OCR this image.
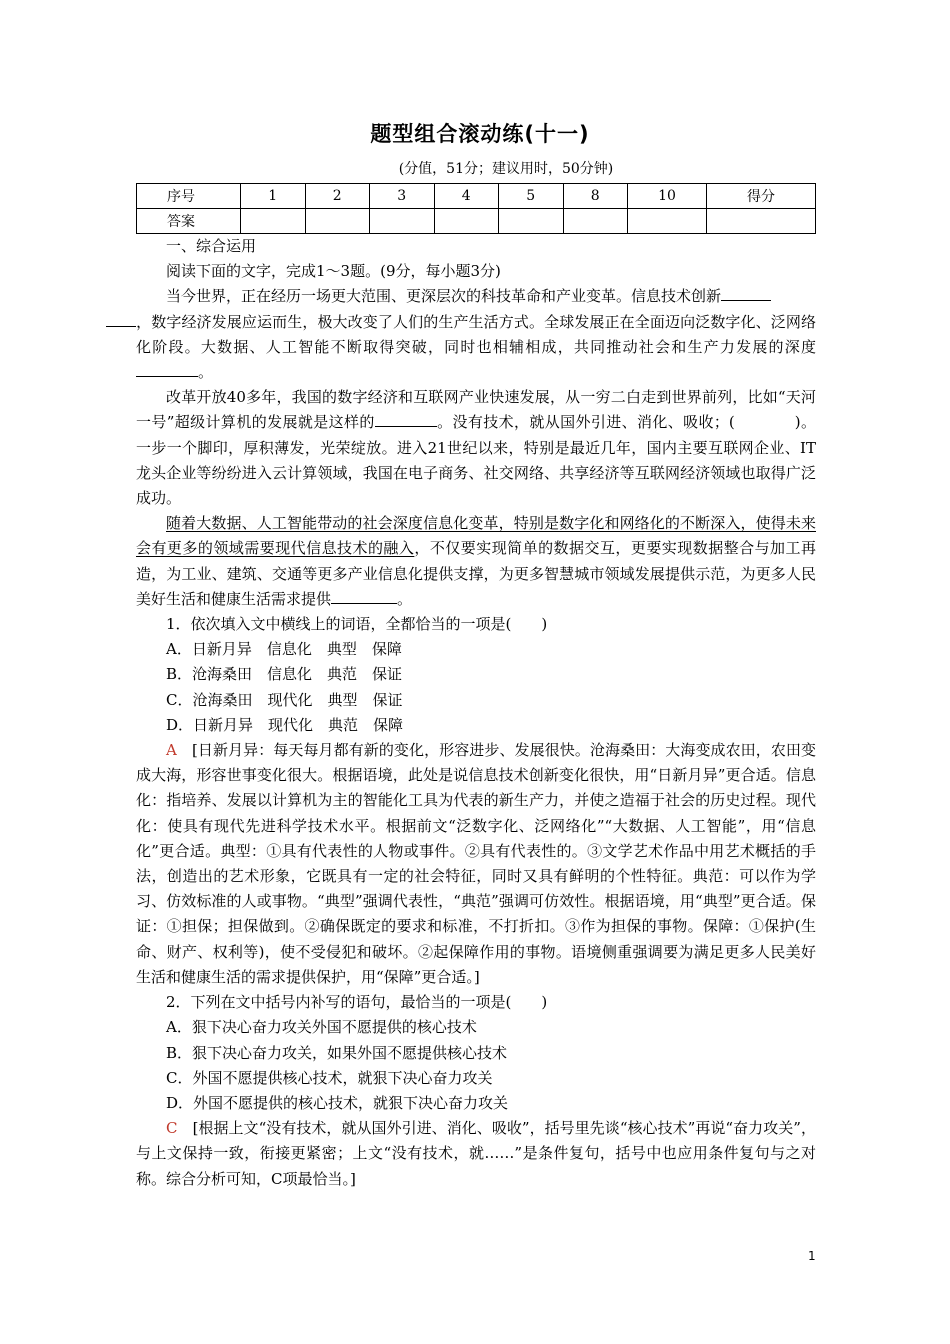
题型组合滚动练(十一)
(分值，51分；建议用时，50分钟)
序号	1	2	3	4	5	8	10	得分
答案								

一、综合运用

阅读下面的文字，完成1～3题。(9分，每小题3分)

当今世界，正在经历一场更大范围、更深层次的科技革命和产业变革。信息技术创新
，数字经济发展应运而生，极大改变了人们的生产生活方式。全球发展正在全面迈向泛数字化、泛网络化阶段。大数据、人工智能不断取得突破，同时也相辅相成，共同推动社会和生产力发展的深度。

改革开放40多年，我国的数字经济和互联网产业快速发展，从一穷二白走到世界前列，比如“天河一号”超级计算机的发展就是这样的	。没有技术，就从国外引进、消化、吸收；(	)。一步一个脚印，厚积薄发，光荣绽放。进入21世纪以来，特别是最近几年，国内主要互联网企业、IT龙头企业等纷纷进入云计算领域，我国在电子商务、社交网络、共享经济等互联网经济领域也取得广泛成功。

随着大数据、人工智能带动的社会深度信息化变革，特别是数字化和网络化的不断深入，使得未来会有更多的领域需要现代信息技术的融入，不仅要实现简单的数据交互，更要实现数据整合与加工再造，为工业、建筑、交通等更多产业信息化提供支撑，为更多智慧城市领域发展提供示范，为更多人民美好生活和健康生活需求提供	。

1．依次填入文中横线上的词语，全都恰当的一项是(　　)

A．日新月异　信息化　典型　保障

B．沧海桑田　信息化　典范　保证

C．沧海桑田　现代化　典型　保证

D．日新月异　现代化　典范　保障

A　 [日新月异：每天每月都有新的变化，形容进步、发展很快。沧海桑田：大海变成农田，农田变成大海，形容世事变化很大。根据语境，此处是说信息技术创新变化很快，用“日新月异”更合适。信息化：指培养、发展以计算机为主的智能化工具为代表的新生产力，并使之造福于社会的历史过程。现代化：使具有现代先进科学技术水平。根据前文“泛数字化、泛网络化”“大数据、人工智能”，用“信息化”更合适。典型：①具有代表性的人物或事件。②具有代表性的。③文学艺术作品中用艺术概括的手法，创造出的艺术形象，它既具有一定的社会特征，同时又具有鲜明的个性特征。典范：可以作为学习、仿效标准的人或事物。“典型”强调代表性，“典范”强调可仿效性。根据语境，用“典型”更合适。保证：①担保；担保做到。②确保既定的要求和标准，不打折扣。③作为担保的事物。保障：①保护(生命、财产、权利等)，使不受侵犯和破坏。②起保障作用的事物。语境侧重强调要为满足更多人民美好生活和健康生活的需求提供保护，用“保障”更合适。]

2．下列在文中括号内补写的语句，最恰当的一项是(　　)

A．狠下决心奋力攻关外国不愿提供的核心技术

B．狠下决心奋力攻关，如果外国不愿提供核心技术

C．外国不愿提供核心技术，就狠下决心奋力攻关

D．外国不愿提供的核心技术，就狠下决心奋力攻关

C　 [根据上文“没有技术，就从国外引进、消化、吸收”，括号里先谈“核心技术”再说“奋力攻关”，与上文保持一致，衔接更紧密；上文“没有技术，就……”是条件复句，括号中也应用条件复句与之对称。综合分析可知，C项最恰当。]

1
